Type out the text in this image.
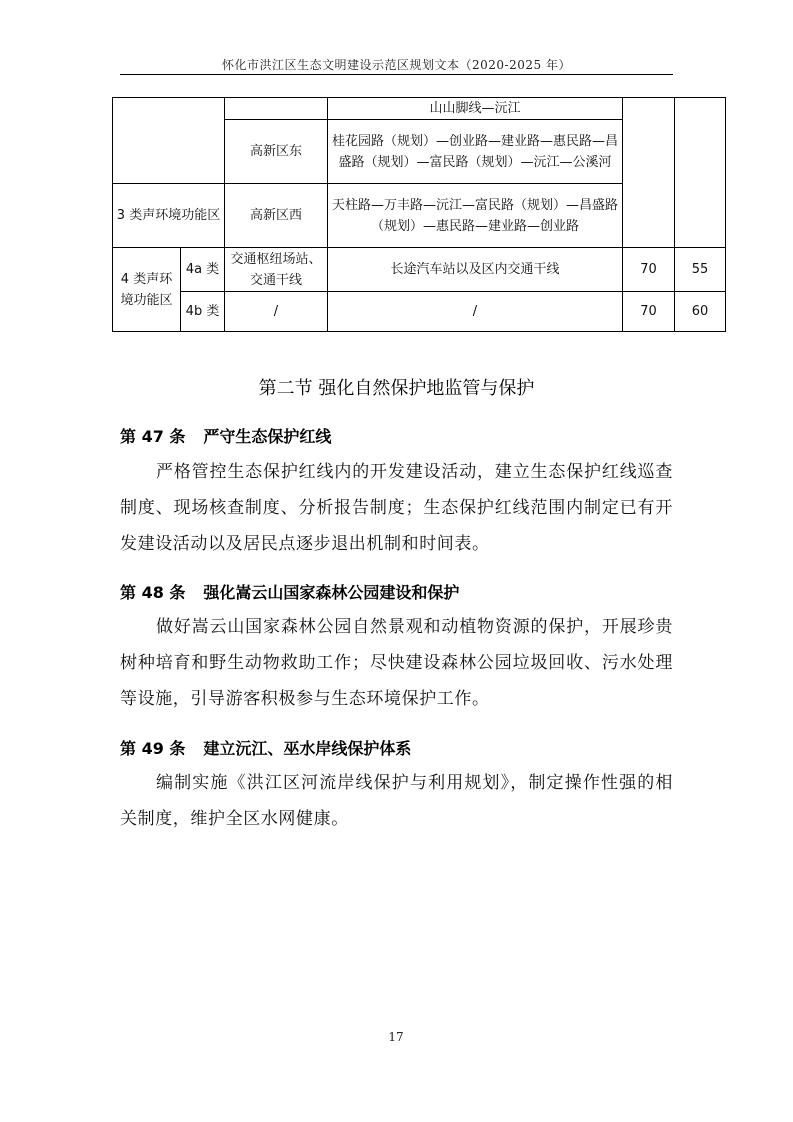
怀化市洪江区生态文明建设示范区规划文本（2020-2025 年）
			山山脚线—沅江		
		高新区东	桂花园路（规划）—创业路—建业路—惠民路—昌盛路（规划）—富民路（规划）—沅江—公溪河		
3 类声环境功能区		高新区西	天柱路—万丰路—沅江—富民路（规划）—昌盛路（规划）—惠民路—建业路—创业路		
4 类声环境功能区	4a 类	交通枢纽场站、交通干线	长途汽车站以及区内交通干线	70	55
	4b 类	/	/	70	60
第二节 强化自然保护地监管与保护
第 47 条 严守生态保护红线
严格管控生态保护红线内的开发建设活动，建立生态保护红线巡查制度、现场核查制度、分析报告制度；生态保护红线范围内制定已有开发建设活动以及居民点逐步退出机制和时间表。
第 48 条 强化嵩云山国家森林公园建设和保护
做好嵩云山国家森林公园自然景观和动植物资源的保护，开展珍贵树种培育和野生动物救助工作；尽快建设森林公园垃圾回收、污水处理等设施，引导游客积极参与生态环境保护工作。
第 49 条 建立沅江、巫水岸线保护体系
编制实施《洪江区河流岸线保护与利用规划》，制定操作性强的相关制度，维护全区水网健康。
17
